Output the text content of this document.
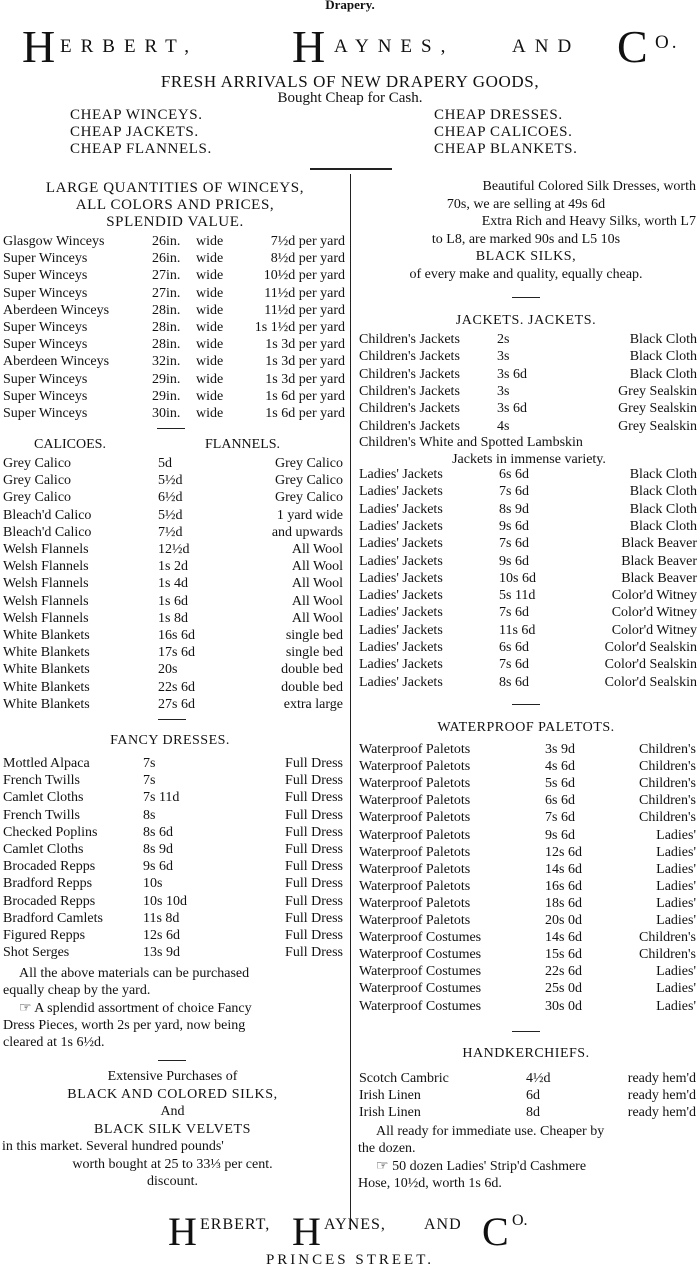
Drapery.
H ERBERT, H AYNES,	AND C O.
FRESH ARRIVALS OF NEW DRAPERY GOODS,
Bought Cheap for Cash.
CHEAP WINCEYS.
CHEAP JACKETS.
CHEAP FLANNELS.
CHEAP DRESSES.
CHEAP CALICOES.
CHEAP BLANKETS.
LARGE QUANTITIES OF WINCEYS,
ALL COLORS AND PRICES,
SPLENDID VALUE.
Glasgow Winceys	26in. wide	7½d per yard
Super Winceys	26in. wide	8½d per yard
Super Winceys	27in. wide	10½d per yard
Super Winceys	27in. wide	11½d per yard
Aberdeen Winceys	28in. wide	11½d per yard
Super Winceys	28in. wide 1s 1½d per yard
Super Winceys	28in. wide	1s 3d per yard
Aberdeen Winceys	32in. wide	1s 3d per yard
Super Winceys	29in. wide	1s 3d per yard
Super Winceys	29in. wide	1s 6d per yard
Super Winceys	30in. wide	1s 6d per yard
CALICOES.	FLANNELS.
Grey Calico	5d	Grey Calico
Grey Calico	5½d	Grey Calico
Grey Calico	6½d	Grey Calico
Bleach'd Calico	5½d	1 yard wide
Bleach'd Calico	7½d	and upwards
Welsh Flannels	12½d	All Wool
Welsh Flannels	1s 2d	All Wool
Welsh Flannels	1s 4d	All Wool
Welsh Flannels	1s 6d	All Wool
Welsh Flannels	1s 8d	All Wool
White Blankets	16s 6d	single bed
White Blankets	17s 6d	single bed
White Blankets	20s	double bed
White Blankets	22s 6d	double bed
White Blankets	27s 6d	extra large
FANCY DRESSES.
Mottled Alpaca	7s	Full Dress
French Twills	7s	Full Dress
Camlet Cloths	7s 11d	Full Dress
French Twills	8s	Full Dress
Checked Poplins	8s 6d	Full Dress
Camlet Cloths	8s 9d	Full Dress
Brocaded Repps	9s 6d	Full Dress
Bradford Repps	10s	Full Dress
Brocaded Repps	10s 10d	Full Dress
Bradford Camlets	11s 8d	Full Dress
Figured Repps	12s 6d	Full Dress
Shot Serges	13s 9d	Full Dress
All the above materials can be purchased
equally cheap by the yard.
☞ A splendid assortment of choice Fancy
Dress Pieces, worth 2s per yard, now being
cleared at 1s 6½d.
Extensive Purchases of
BLACK AND COLORED SILKS,
And
BLACK SILK VELVETS
in this market. Several hundred pounds'
worth bought at 25 to 33⅓ per cent.
discount.
Beautiful Colored Silk Dresses, worth
70s, we are selling at 49s 6d
Extra Rich and Heavy Silks, worth L7
to L8, are marked 90s and L5 10s
BLACK SILKS,
of every make and quality, equally cheap.
JACKETS. JACKETS.
Children's Jackets	2s	Black Cloth
Children's Jackets	3s	Black Cloth
Children's Jackets	3s 6d	Black Cloth
Children's Jackets	3s	Grey Sealskin
Children's Jackets	3s 6d	Grey Sealskin
Children's Jackets	4s	Grey Sealskin
Children's White and Spotted Lambskin
Jackets in immense variety.
Ladies' Jackets	6s 6d	Black Cloth
Ladies' Jackets	7s 6d	Black Cloth
Ladies' Jackets	8s 9d	Black Cloth
Ladies' Jackets	9s 6d	Black Cloth
Ladies' Jackets	7s 6d	Black Beaver
Ladies' Jackets	9s 6d	Black Beaver
Ladies' Jackets	10s 6d	Black Beaver
Ladies' Jackets	5s 11d	Color'd Witney
Ladies' Jackets	7s 6d	Color'd Witney
Ladies' Jackets	11s 6d	Color'd Witney
Ladies' Jackets	6s 6d	Color'd Sealskin
Ladies' Jackets	7s 6d	Color'd Sealskin
Ladies' Jackets	8s 6d	Color'd Sealskin
WATERPROOF PALETOTS.
Waterproof Paletots	3s 9d	Children's
Waterproof Paletots	4s 6d	Children's
Waterproof Paletots	5s 6d	Children's
Waterproof Paletots	6s 6d	Children's
Waterproof Paletots	7s 6d	Children's
Waterproof Paletots	9s 6d	Ladies'
Waterproof Paletots	12s 6d	Ladies'
Waterproof Paletots	14s 6d	Ladies'
Waterproof Paletots	16s 6d	Ladies'
Waterproof Paletots	18s 6d	Ladies'
Waterproof Paletots	20s 0d	Ladies'
Waterproof Costumes	14s 6d	Children's
Waterproof Costumes	15s 6d	Children's
Waterproof Costumes	22s 6d	Ladies'
Waterproof Costumes	25s 0d	Ladies'
Waterproof Costumes	30s 0d	Ladies'
HANDKERCHIEFS.
Scotch Cambric	4½d	ready hem'd
Irish Linen	6d	ready hem'd
Irish Linen	8d	ready hem'd
All ready for immediate use. Cheaper by
the dozen.
☞ 50 dozen Ladies' Strip'd Cashmere
Hose, 10½d, worth 1s 6d.
H ERBERT, H AYNES, AND C O.
PRINCES STREET.
